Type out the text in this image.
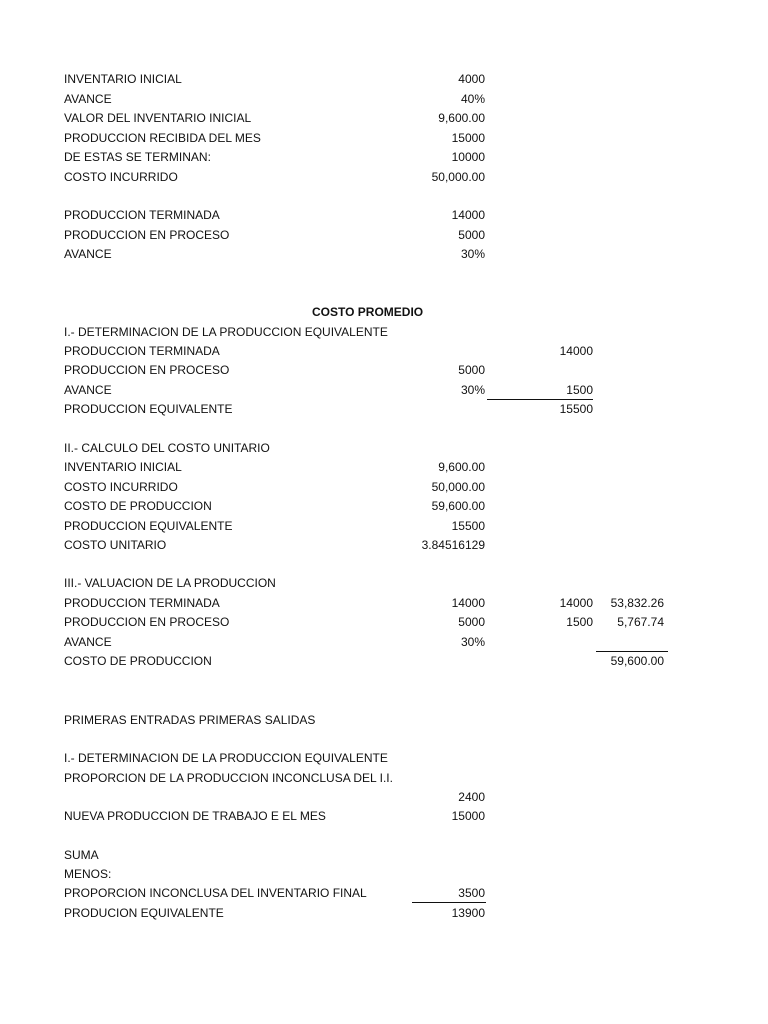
INVENTARIO INICIAL	4000
AVANCE	40%
VALOR DEL INVENTARIO INICIAL	9,600.00
PRODUCCION RECIBIDA DEL MES	15000
DE ESTAS SE TERMINAN:	10000
COSTO INCURRIDO	50,000.00
PRODUCCION TERMINADA	14000
PRODUCCION EN PROCESO	5000
AVANCE	30%
COSTO PROMEDIO
I.- DETERMINACION DE LA PRODUCCION EQUIVALENTE
PRODUCCION TERMINADA	14000
PRODUCCION EN PROCESO	5000
AVANCE	30%	1500
PRODUCCION EQUIVALENTE	15500
II.- CALCULO DEL COSTO UNITARIO
INVENTARIO INICIAL	9,600.00
COSTO INCURRIDO	50,000.00
COSTO DE PRODUCCION	59,600.00
PRODUCCION EQUIVALENTE	15500
COSTO UNITARIO	3.84516129
III.- VALUACION DE LA PRODUCCION
PRODUCCION TERMINADA	14000	14000 53,832.26
PRODUCCION EN PROCESO	5000	1500 5,767.74
AVANCE	30%
COSTO DE PRODUCCION	59,600.00
PRIMERAS ENTRADAS PRIMERAS SALIDAS
I.- DETERMINACION DE LA PRODUCCION EQUIVALENTE
PROPORCION DE LA PRODUCCION INCONCLUSA DEL I.I.
2400
NUEVA PRODUCCION DE TRABAJO E EL MES	15000
SUMA
MENOS:
PROPORCION INCONCLUSA DEL INVENTARIO FINAL	3500
PRODUCION EQUIVALENTE	13900
